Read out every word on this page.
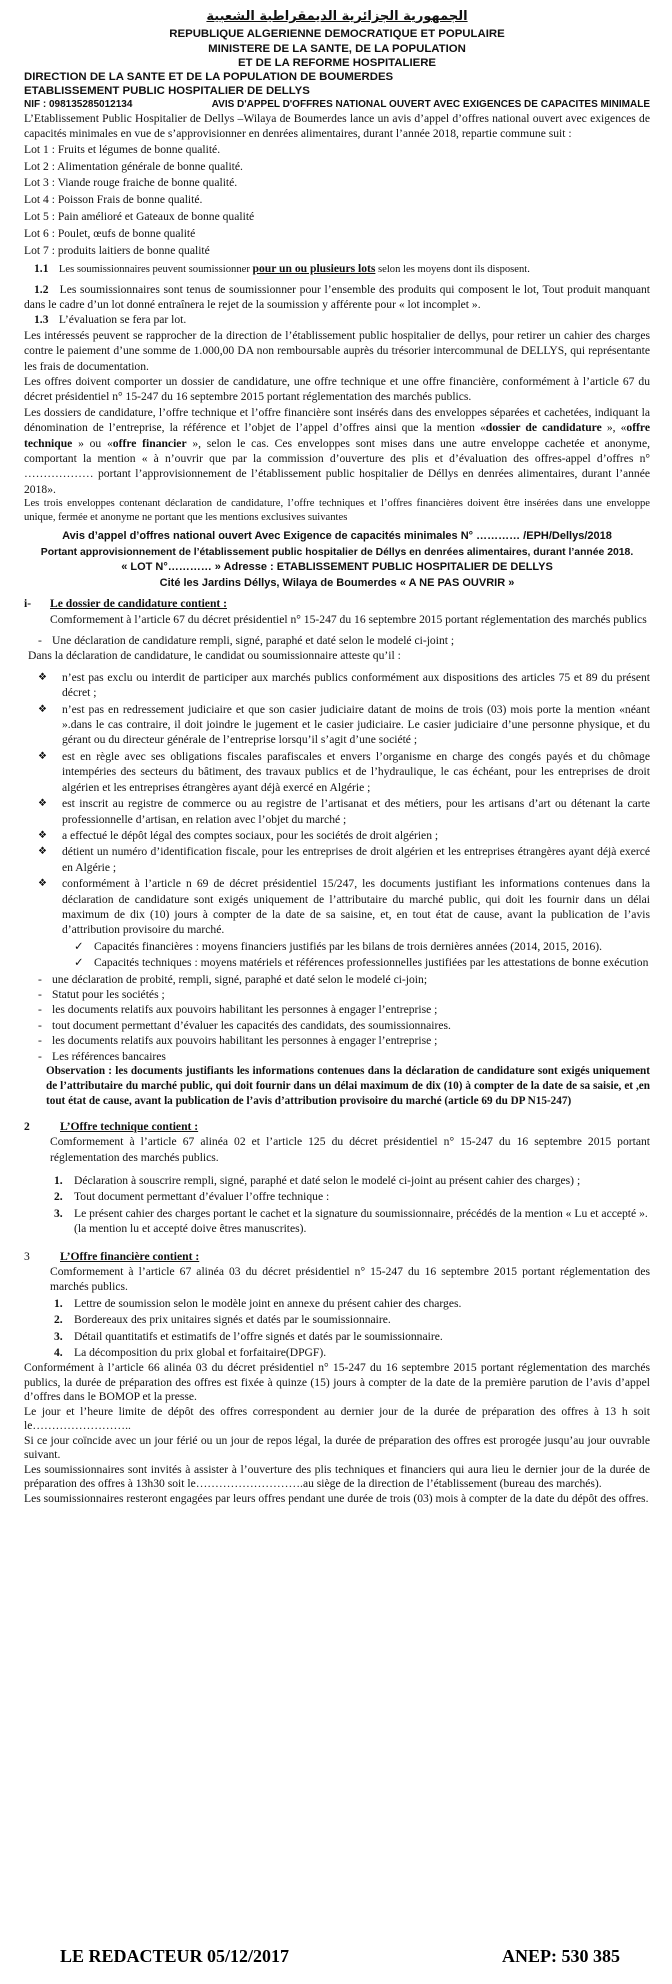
الجمهورية الجزائرية الديمقراطية الشعبية
REPUBLIQUE ALGERIENNE DEMOCRATIQUE ET POPULAIRE
MINISTERE DE LA SANTE, DE LA POPULATION
ET DE LA REFORME HOSPITALIERE
DIRECTION DE LA SANTE ET DE LA POPULATION DE BOUMERDES
ETABLISSEMENT PUBLIC HOSPITALIER DE DELLYS
NIF : 098135285012134	AVIS D'APPEL D'OFFRES NATIONAL OUVERT AVEC EXIGENCES DE CAPACITES MINIMALE

L’Etablissement Public Hospitalier de Dellys –Wilaya de Boumerdes lance un avis d’appel d’offres national ouvert avec exigences de capacités minimales en vue de s’approvisionner en denrées alimentaires, durant l’année 2018, repartie commune suit :

Lot 1 : Fruits et légumes de bonne qualité.

Lot 2 : Alimentation générale de bonne qualité.

Lot 3 : Viande rouge fraiche de bonne qualité.

Lot 4 : Poisson Frais de bonne qualité.

Lot 5 : Pain amélioré et Gateaux de bonne qualité

Lot 6 : Poulet, œufs de bonne qualité

Lot 7 : produits laitiers de bonne qualité

1.1 Les soumissionnaires peuvent soumissionner pour un ou plusieurs lots selon les moyens dont ils disposent.

1.2 Les soumissionnaires sont tenus de soumissionner pour l’ensemble des produits qui composent le lot, Tout produit manquant dans le cadre d’un lot donné entraînera le rejet de la soumission y afférente pour « lot incomplet ».

1.3 L’évaluation se fera par lot.

Les intéressés peuvent se rapprocher de la direction de l’établissement public hospitalier de dellys, pour retirer un cahier des charges contre le paiement d’une somme de 1.000,00 DA non remboursable auprès du trésorier intercommunal de DELLYS, qui représentante les frais de documentation.

Les offres doivent comporter un dossier de candidature, une offre technique et une offre financière, conformément à l’article 67 du décret présidentiel n° 15-247 du 16 septembre 2015 portant réglementation des marchés publics.

Les dossiers de candidature, l’offre technique et l’offre financière sont insérés dans des enveloppes séparées et cachetées, indiquant la dénomination de l’entreprise, la référence et l’objet de l’appel d’offres ainsi que la mention «dossier de candidature », «offre technique » ou «offre financier », selon le cas. Ces enveloppes sont mises dans une autre enveloppe cachetée et anonyme, comportant la mention « à n’ouvrir que par la commission d’ouverture des plis et d’évaluation des offres-appel d’offres n° ……………… portant l’approvisionnement de l’établissement public hospitalier de Déllys en denrées alimentaires, durant l’année 2018».

Les trois enveloppes contenant déclaration de candidature, l’offre techniques et l’offres financières doivent être insérées dans une enveloppe unique, fermée et anonyme ne portant que les mentions exclusives suivantes

Avis d’appel d’offres national ouvert Avec Exigence de capacités minimales N° ………… /EPH/Dellys/2018
Portant approvisionnement de l’établissement public hospitalier de Déllys en denrées alimentaires, durant l’année 2018.
« LOT N°………… » Adresse : ETABLISSEMENT PUBLIC HOSPITALIER DE DELLYS
Cité les Jardins Déllys, Wilaya de Boumerdes « A NE PAS OUVRIR »
i-	Le dossier de candidature contient :

Comformement à l’article 67 du décret présidentiel n° 15-247 du 16 septembre 2015 portant réglementation des marchés publics

- Une déclaration de candidature rempli, signé, paraphé et daté selon le modelé ci-joint ;

Dans la déclaration de candidature, le candidat ou soumissionnaire atteste qu’il :

❖	n’est pas exclu ou interdit de participer aux marchés publics conformément aux dispositions des articles 75 et 89 du présent décret ;
❖	n’est pas en redressement judiciaire et que son casier judiciaire datant de moins de trois (03) mois porte la mention «néant ».dans le cas contraire, il doit joindre le jugement et le casier judiciaire. Le casier judiciaire d’une personne physique, et du gérant ou du directeur générale de l’entreprise lorsqu’il s’agit d’une société ;
❖	est en règle avec ses obligations fiscales parafiscales et envers l’organisme en charge des congés payés et du chômage intempéries des secteurs du bâtiment, des travaux publics et de l’hydraulique, le cas échéant, pour les entreprises de droit algérien et les entreprises étrangères ayant déjà exercé en Algérie ;
❖	est inscrit au registre de commerce ou au registre de l’artisanat et des métiers, pour les artisans d’art ou détenant la carte professionnelle d’artisan, en relation avec l’objet du marché ;
❖	a effectué le dépôt légal des comptes sociaux, pour les sociétés de droit algérien ;
❖	détient un numéro d’identification fiscale, pour les entreprises de droit algérien et les entreprises étrangères ayant déjà exercé en Algérie ;
❖	conformément à l’article n 69 de décret présidentiel 15/247, les documents justifiant les informations contenues dans la déclaration de candidature sont exigés uniquement de l’attributaire du marché public, qui doit les fournir dans un délai maximum de dix (10) jours à compter de la date de sa saisine, et, en tout état de cause, avant la publication de l’avis d’attribution provisoire du marché.
✓ Capacités financières : moyens financiers justifiés par les bilans de trois dernières années (2014, 2015, 2016).
✓ Capacités techniques : moyens matériels et références professionnelles justifiées par les attestations de bonne exécution
- une déclaration de probité, rempli, signé, paraphé et daté selon le modelé ci-join;
- Statut pour les sociétés ;
- les documents relatifs aux pouvoirs habilitant les personnes à engager l’entreprise ;
- tout document permettant d’évaluer les capacités des candidats, des soumissionnaires.
- les documents relatifs aux pouvoirs habilitant les personnes à engager l’entreprise ;
- Les références bancaires

Observation : les documents justifiants les informations contenues dans la déclaration de candidature sont exigés uniquement de l’attributaire du marché public, qui doit fournir dans un délai maximum de dix (10) à compter de la date de sa saisie, et ,en tout état de cause, avant la publication de l’avis d’attribution provisoire du marché (article 69 du DP N15-247)

2	L’Offre technique contient :

Comformement à l’article 67 alinéa 02 et l’article 125 du décret présidentiel n° 15-247 du 16 septembre 2015 portant réglementation des marchés publics.

1. Déclaration à souscrire rempli, signé, paraphé et daté selon le modelé ci-joint au présent cahier des charges) ;
2. Tout document permettant d’évaluer l’offre technique :
3. Le présent cahier des charges portant le cachet et la signature du soumissionnaire, précédés de la mention « Lu et accepté ». (la mention lu et accepté doive êtres manuscrites).
3	L’Offre financière contient :

Comformement à l’article 67 alinéa 03 du décret présidentiel n° 15-247 du 16 septembre 2015 portant réglementation des marchés publics.

1. Lettre de soumission selon le modèle joint en annexe du présent cahier des charges.
2. Bordereaux des prix unitaires signés et datés par le soumissionnaire.
3. Détail quantitatifs et estimatifs de l’offre signés et datés par le soumissionnaire.
4. La décomposition du prix global et forfaitaire(DPGF).

Conformément à l’article 66 alinéa 03 du décret présidentiel n° 15-247 du 16 septembre 2015 portant réglementation des marchés publics, la durée de préparation des offres est fixée à quinze (15) jours à compter de la date de la première parution de l’avis d’appel d’offres dans le BOMOP et la presse.

Le jour et l’heure limite de dépôt des offres correspondent au dernier jour de la durée de préparation des offres à 13 h soit le……………………..

Si ce jour coïncide avec un jour férié ou un jour de repos légal, la durée de préparation des offres est prorogée jusqu’au jour ouvrable suivant.

Les soumissionnaires sont invités à assister à l’ouverture des plis techniques et financiers qui aura lieu le dernier jour de la durée de préparation des offres à 13h30 soit le……………………….au siège de la direction de l’établissement (bureau des marchés).

Les soumissionnaires resteront engagées par leurs offres pendant une durée de trois (03) mois à compter de la date du dépôt des offres.

LE REDACTEUR 05/12/2017	ANEP: 530 385
